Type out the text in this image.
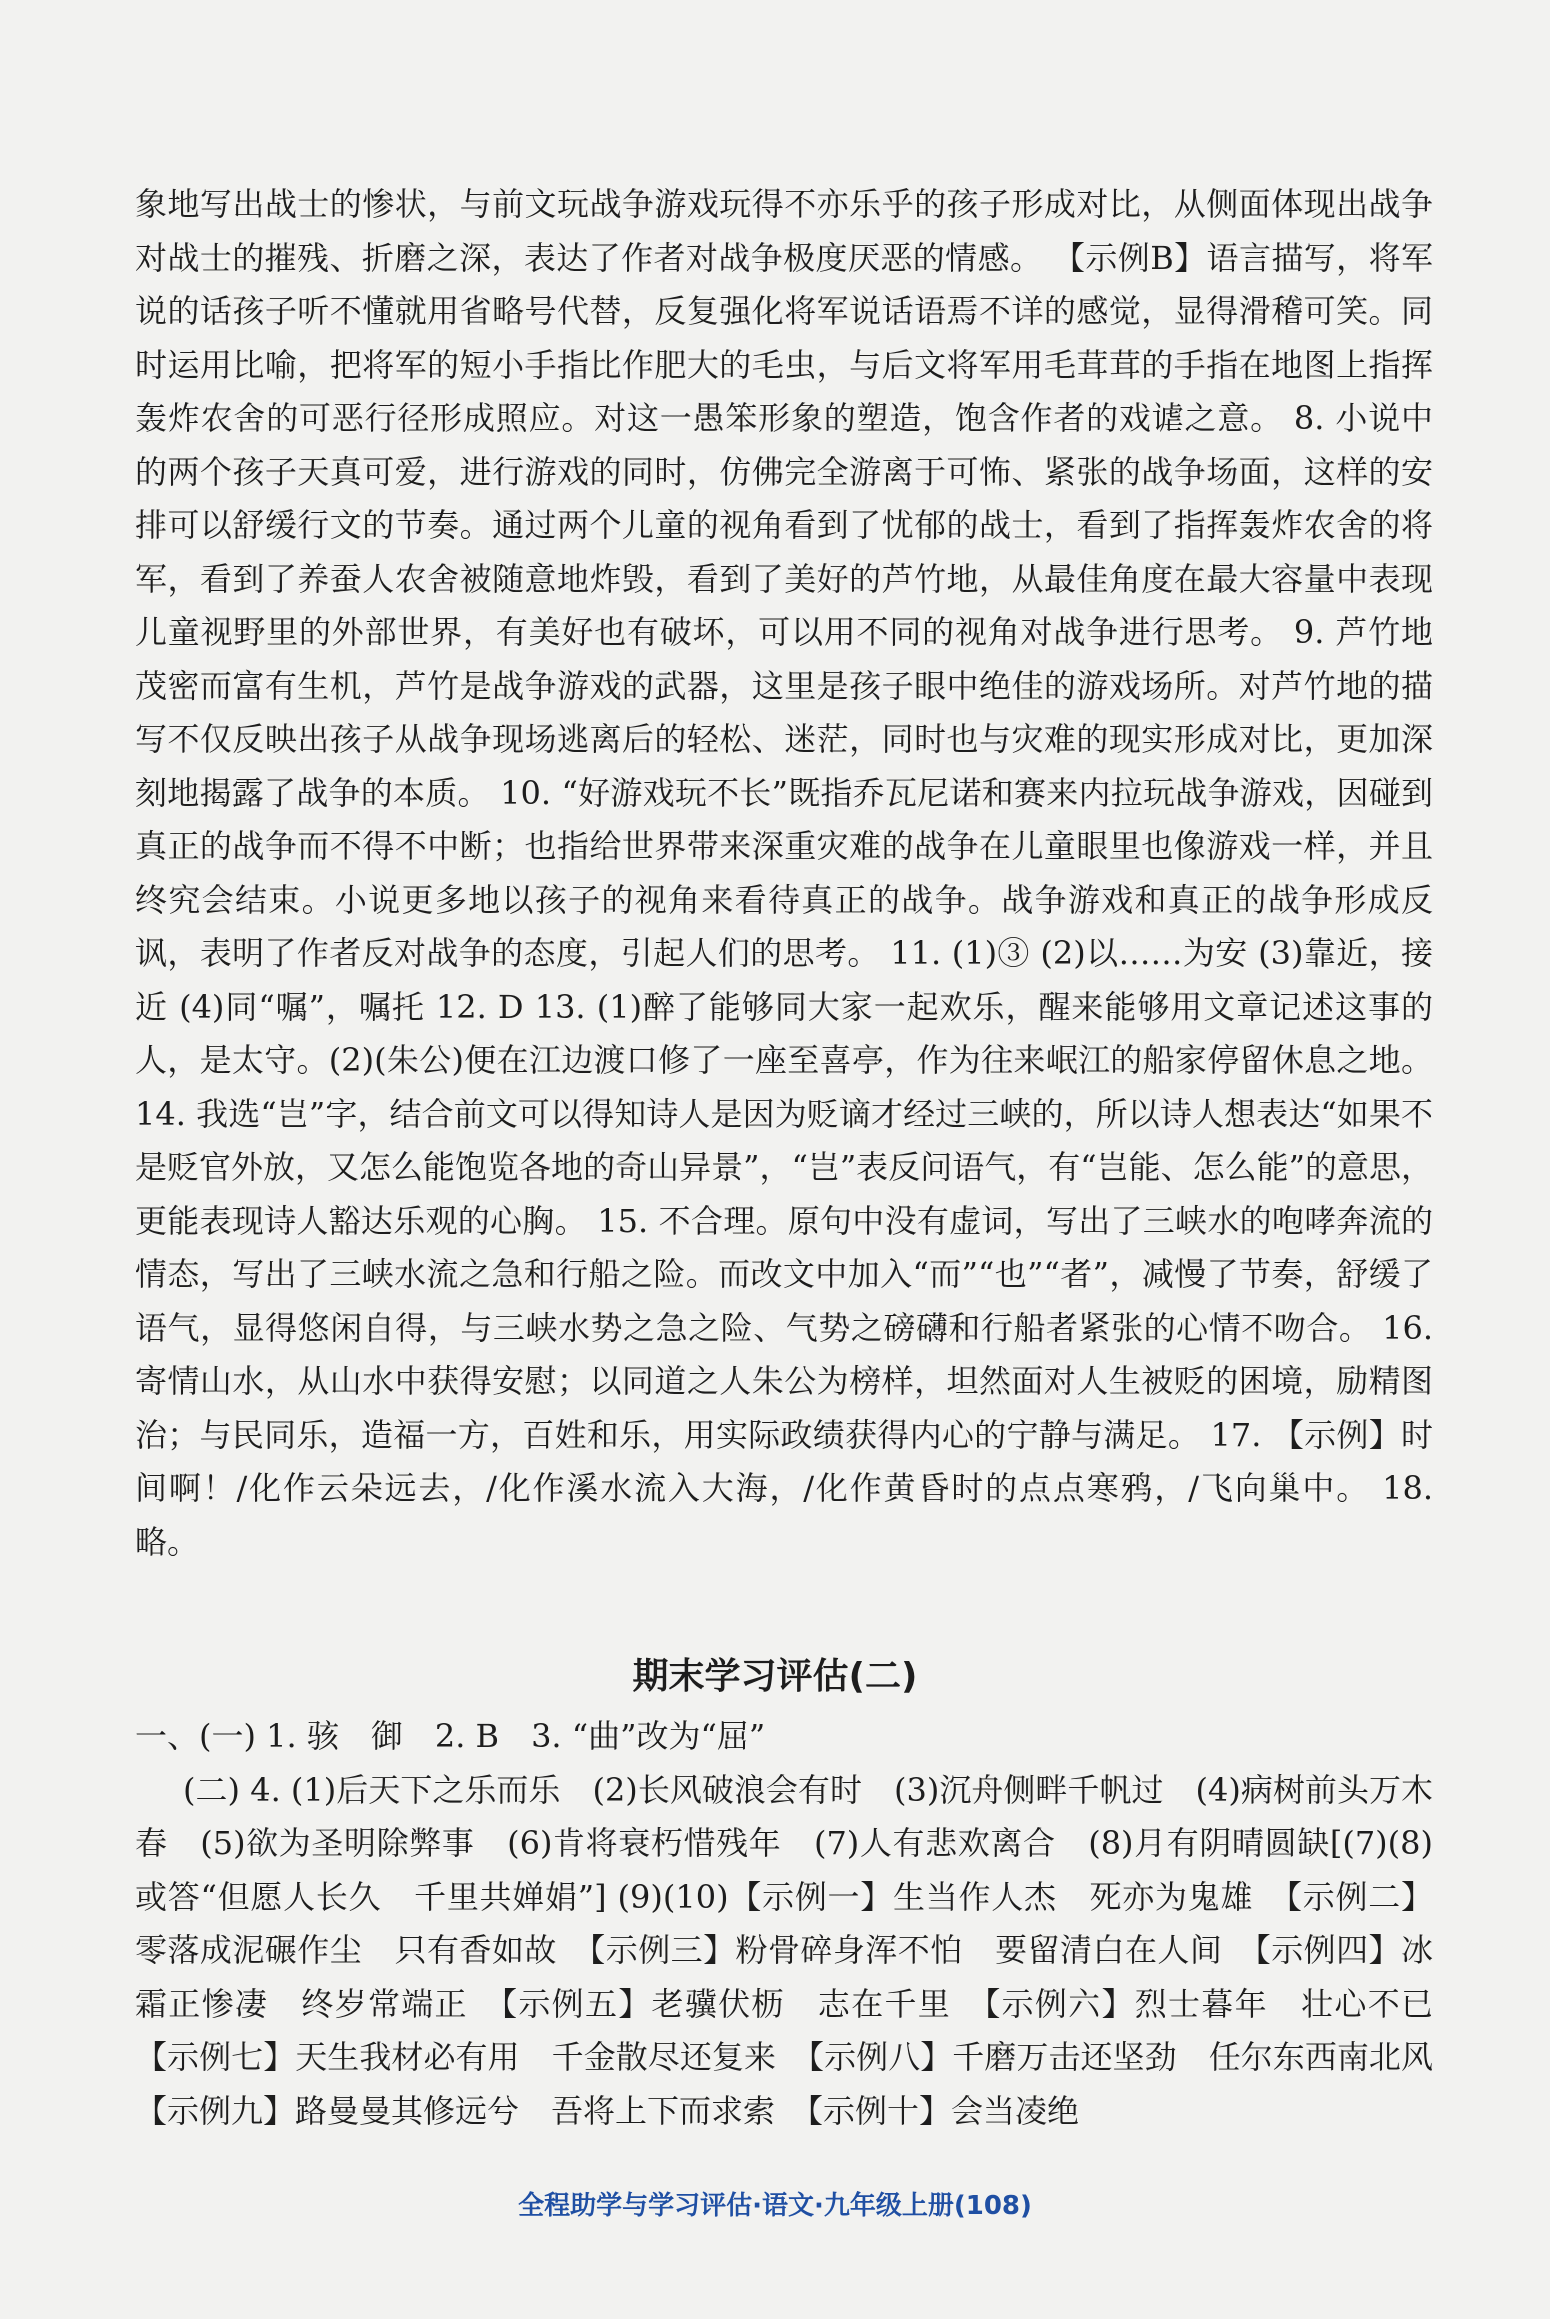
象地写出战士的惨状，与前文玩战争游戏玩得不亦乐乎的孩子形成对比，从侧面体现出战争对战士的摧残、折磨之深，表达了作者对战争极度厌恶的情感。 【示例B】语言描写，将军说的话孩子听不懂就用省略号代替，反复强化将军说话语焉不详的感觉，显得滑稽可笑。同时运用比喻，把将军的短小手指比作肥大的毛虫，与后文将军用毛茸茸的手指在地图上指挥轰炸农舍的可恶行径形成照应。对这一愚笨形象的塑造，饱含作者的戏谑之意。 8. 小说中的两个孩子天真可爱，进行游戏的同时，仿佛完全游离于可怖、紧张的战争场面，这样的安排可以舒缓行文的节奏。通过两个儿童的视角看到了忧郁的战士，看到了指挥轰炸农舍的将军，看到了养蚕人农舍被随意地炸毁，看到了美好的芦竹地，从最佳角度在最大容量中表现儿童视野里的外部世界，有美好也有破坏，可以用不同的视角对战争进行思考。 9. 芦竹地茂密而富有生机，芦竹是战争游戏的武器，这里是孩子眼中绝佳的游戏场所。对芦竹地的描写不仅反映出孩子从战争现场逃离后的轻松、迷茫，同时也与灾难的现实形成对比，更加深刻地揭露了战争的本质。 10. “好游戏玩不长”既指乔瓦尼诺和赛来内拉玩战争游戏，因碰到真正的战争而不得不中断；也指给世界带来深重灾难的战争在儿童眼里也像游戏一样，并且终究会结束。小说更多地以孩子的视角来看待真正的战争。战争游戏和真正的战争形成反讽，表明了作者反对战争的态度，引起人们的思考。 11. (1)③ (2)以……为安 (3)靠近，接近 (4)同“嘱”，嘱托 12. D 13. (1)醉了能够同大家一起欢乐，醒来能够用文章记述这事的人，是太守。(2)(朱公)便在江边渡口修了一座至喜亭，作为往来岷江的船家停留休息之地。 14. 我选“岂”字，结合前文可以得知诗人是因为贬谪才经过三峡的，所以诗人想表达“如果不是贬官外放，又怎么能饱览各地的奇山异景”，“岂”表反问语气，有“岂能、怎么能”的意思，更能表现诗人豁达乐观的心胸。 15. 不合理。原句中没有虚词，写出了三峡水的咆哮奔流的情态，写出了三峡水流之急和行船之险。而改文中加入“而”“也”“者”，减慢了节奏，舒缓了语气，显得悠闲自得，与三峡水势之急之险、气势之磅礴和行船者紧张的心情不吻合。 16. 寄情山水，从山水中获得安慰；以同道之人朱公为榜样，坦然面对人生被贬的困境，励精图治；与民同乐，造福一方，百姓和乐，用实际政绩获得内心的宁静与满足。 17. 【示例】时间啊！/化作云朵远去，/化作溪水流入大海，/化作黄昏时的点点寒鸦，/飞向巢中。 18. 略。

期末学习评估(二)

一、(一) 1. 骇　御　2. B　3. “曲”改为“屈”

(二) 4. (1)后天下之乐而乐　(2)长风破浪会有时　(3)沉舟侧畔千帆过　(4)病树前头万木春　(5)欲为圣明除弊事　(6)肯将衰朽惜残年　(7)人有悲欢离合　(8)月有阴晴圆缺[(7)(8)或答“但愿人长久　千里共婵娟”] (9)(10)【示例一】生当作人杰　死亦为鬼雄　【示例二】零落成泥碾作尘　只有香如故　【示例三】粉骨碎身浑不怕　要留清白在人间　【示例四】冰霜正惨凄　终岁常端正　【示例五】老骥伏枥　志在千里　【示例六】烈士暮年　壮心不已　【示例七】天生我材必有用　千金散尽还复来　【示例八】千磨万击还坚劲　任尔东西南北风　【示例九】路曼曼其修远兮　吾将上下而求索　【示例十】会当凌绝

全程助学与学习评估·语文·九年级上册(108)
